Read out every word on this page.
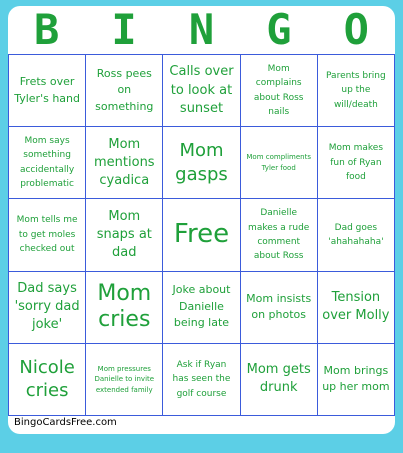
B	I	N	G	O
Frets over Tyler's hand
Ross pees on something
Calls over to look at sunset
Mom complains about Ross nails
Parents bring up the will/death
Mom says something accidentally problematic
Mom mentions cyadica
Mom gasps
Mom compliments Tyler food
Mom makes fun of Ryan food
Mom tells me to get moles checked out
Mom snaps at dad
Free
Danielle makes a rude comment about Ross
Dad goes 'ahahahaha'
Dad says 'sorry dad joke'
Mom cries
Joke about Danielle being late
Mom insists on photos
Tension over Molly
Nicole cries
Mom pressures Danielle to invite extended family
Ask if Ryan has seen the golf course
Mom gets drunk
Mom brings up her mom
BingoCardsFree.com
